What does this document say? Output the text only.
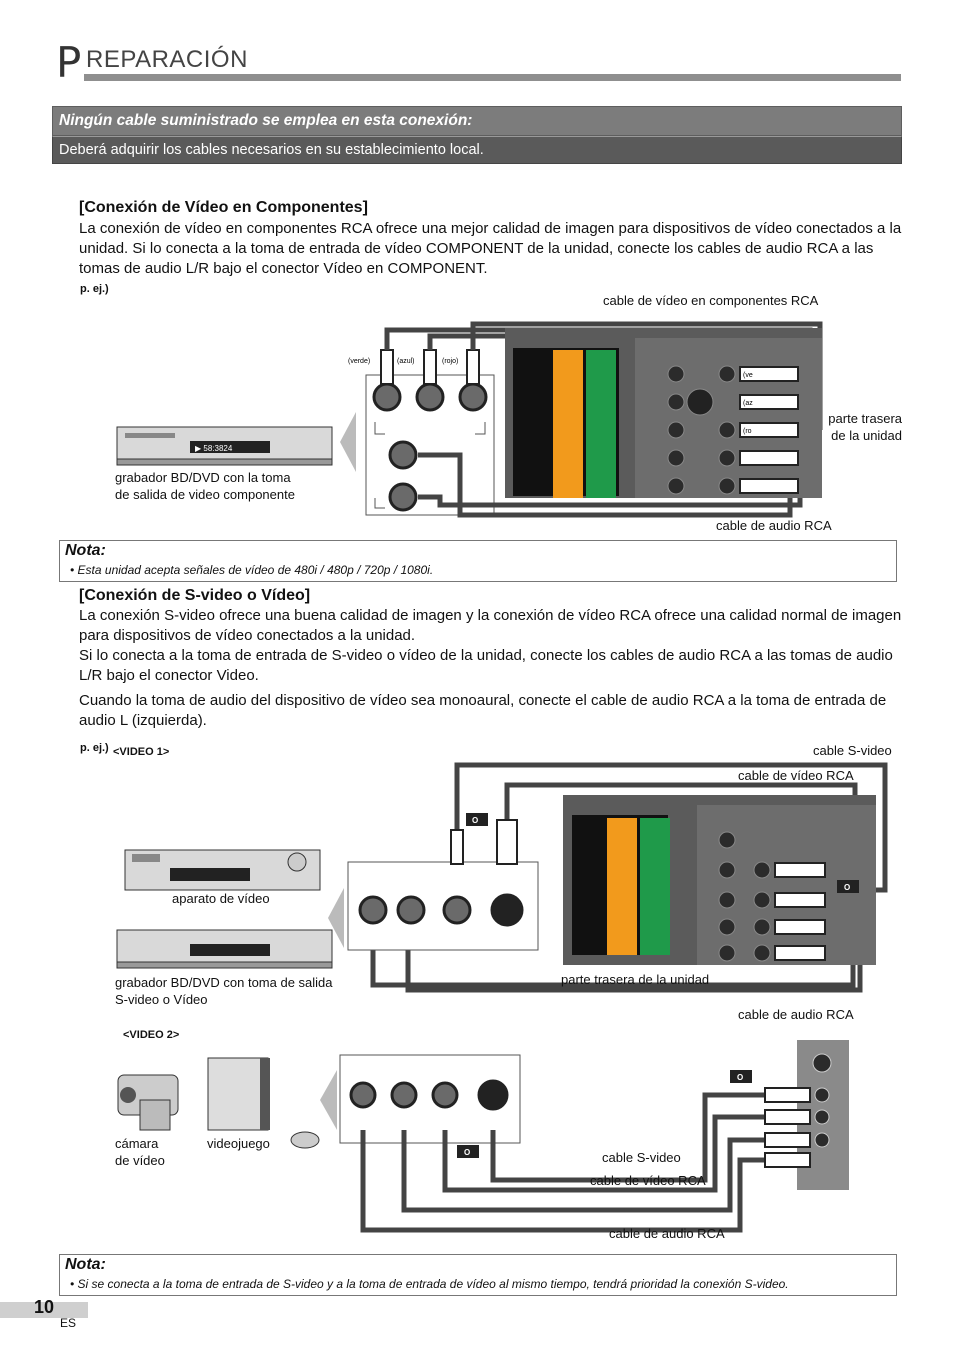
P REPARACIÓN
Ningún cable suministrado se emplea en esta conexión:
Deberá adquirir los cables necesarios en su establecimiento local.
[Conexión de Vídeo en Componentes]
La conexión de vídeo en componentes RCA ofrece una mejor calidad de imagen para dispositivos de vídeo conectados a la unidad. Si lo conecta a la toma de entrada de vídeo COMPONENT de la unidad, conecte los cables de audio RCA a las tomas de audio L/R bajo el conector Vídeo en COMPONENT.
p. ej.)
▶ 58:3824
(verde)	(azul)	(rojo)
(ve
(az
(ro
cable de vídeo en componentes RCA
parte trasera
de la unidad
grabador BD/DVD con la toma
de salida de video componente
cable de audio RCA
Nota:
• Esta unidad acepta señales de vídeo de 480i / 480p / 720p / 1080i.
[Conexión de S-video o Vídeo]
La conexión S-video ofrece una buena calidad de imagen y la conexión de vídeo RCA ofrece una calidad normal de imagen para dispositivos de vídeo conectados a la unidad.
Si lo conecta a la toma de entrada de S-video o vídeo de la unidad, conecte los cables de audio RCA a las tomas de audio L/R bajo el conector Video.
Cuando la toma de audio del dispositivo de vídeo sea monoaural, conecte el cable de audio RCA a la toma de entrada de audio L (izquierda).
p. ej.) <VIDEO 1>
O
O
O
O
cable S-video
cable de vídeo RCA
aparato de vídeo
grabador BD/DVD con toma de salida
S-video o Vídeo
parte trasera de la unidad
cable de audio RCA
<VIDEO 2>
cámara
de vídeo
videojuego
cable S-video
cable de vídeo RCA
cable de audio RCA
Nota:
• Si se conecta a la toma de entrada de S-video y a la toma de entrada de vídeo al mismo tiempo, tendrá prioridad la conexión S-video.
10
ES
